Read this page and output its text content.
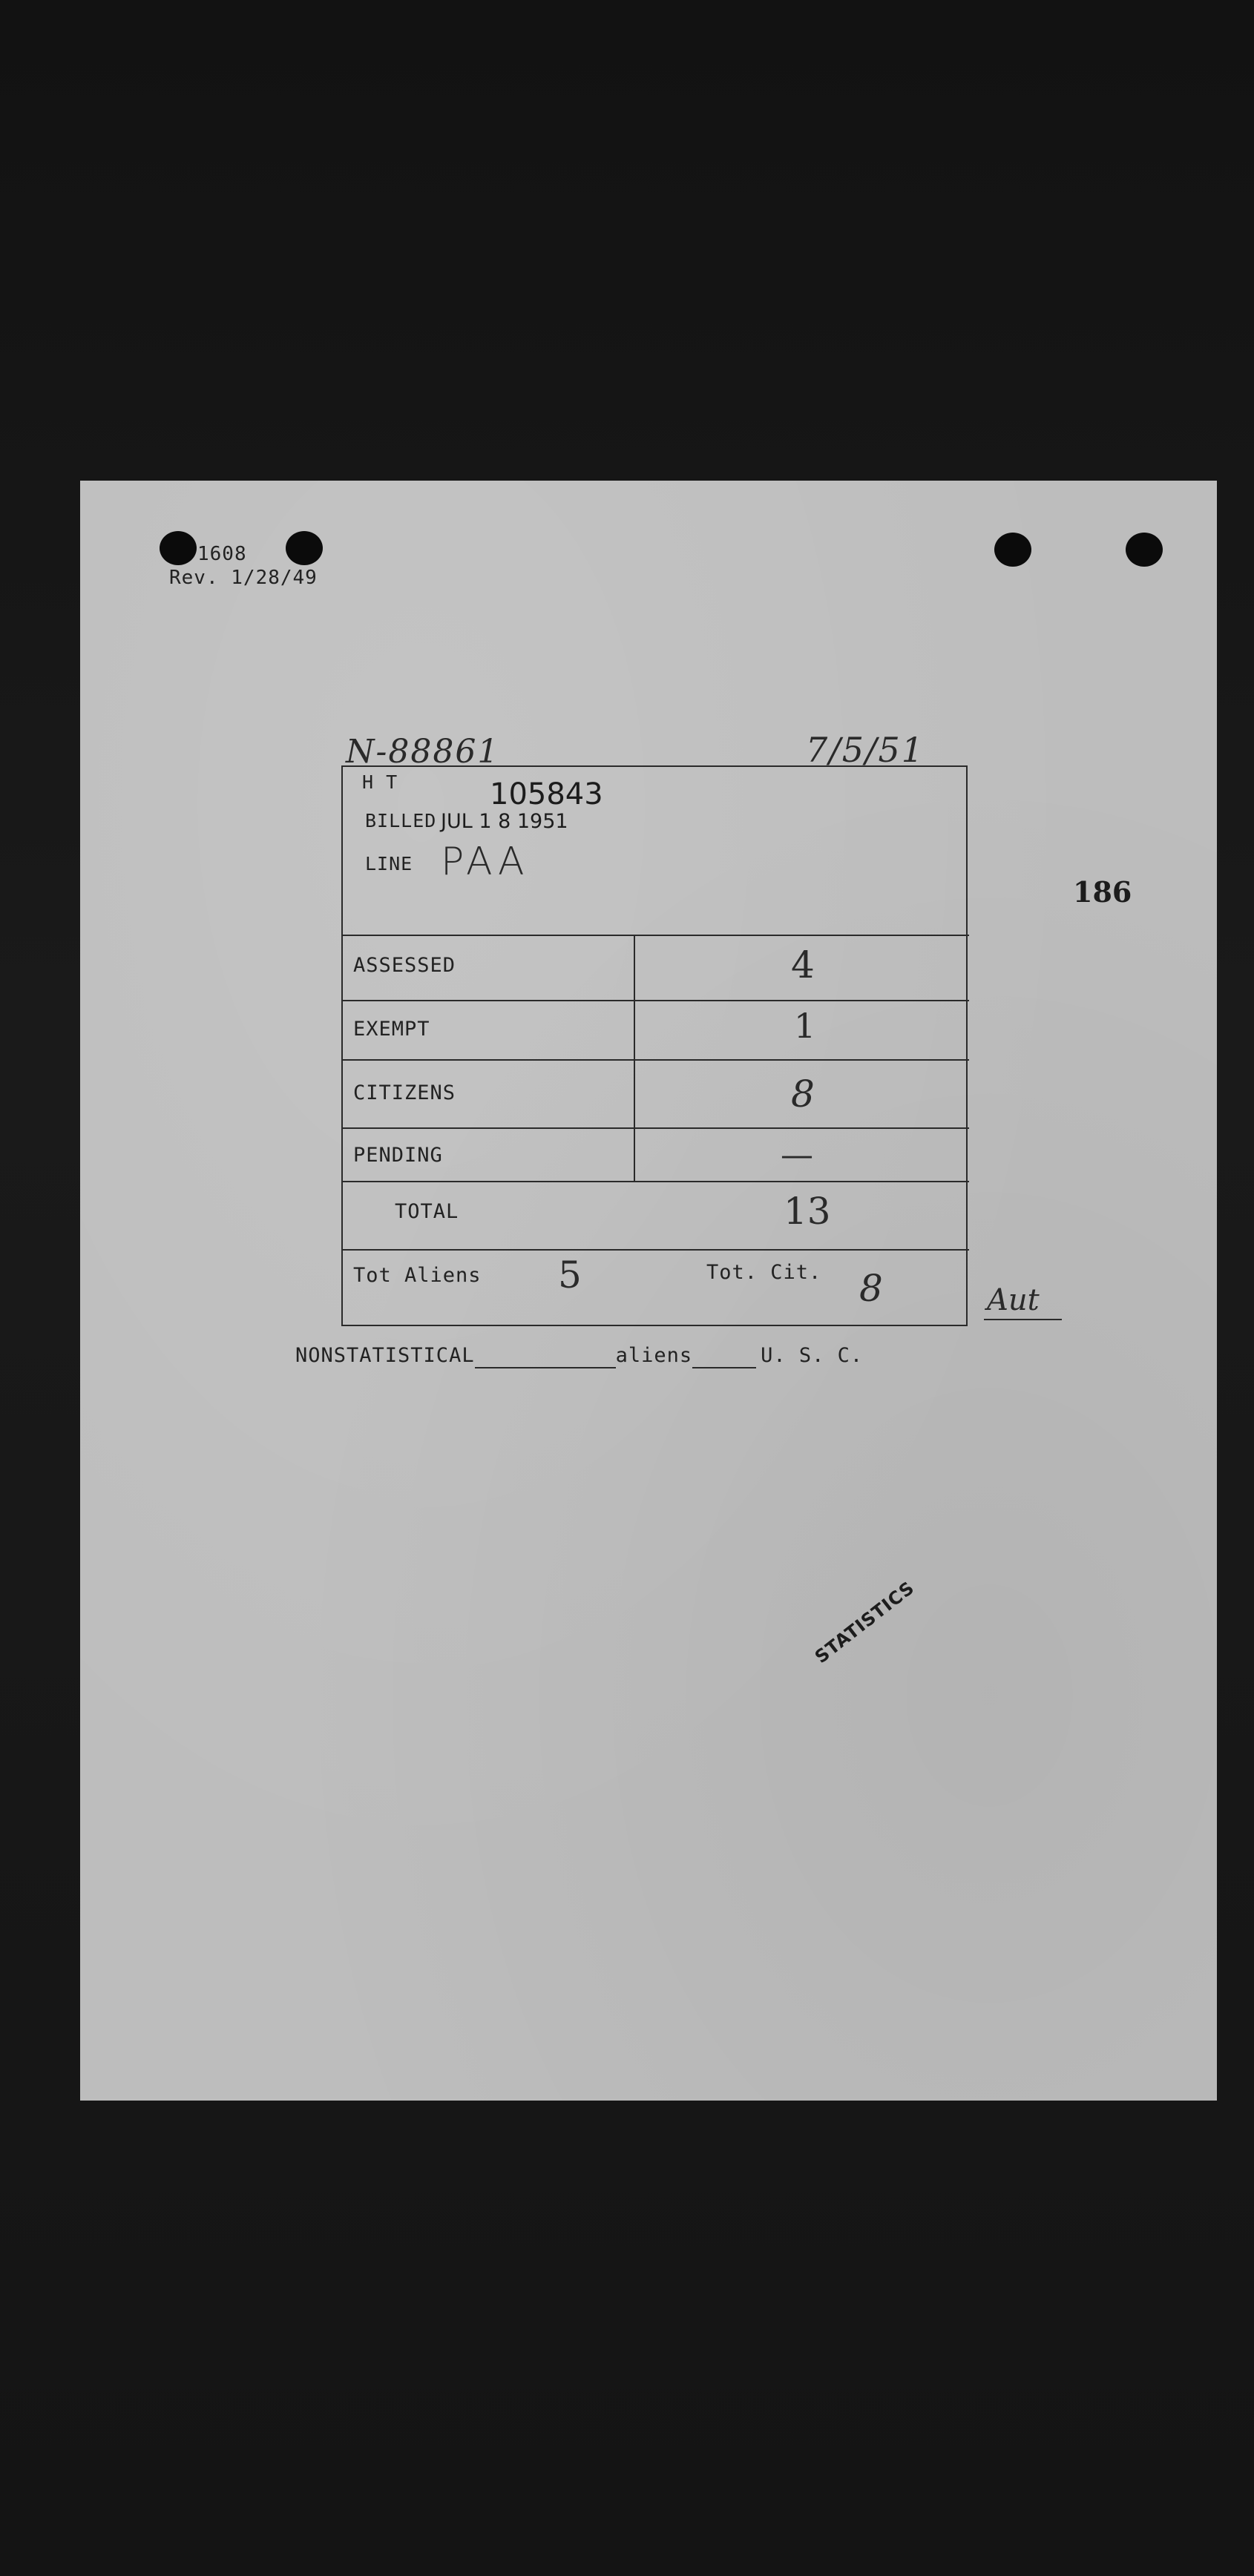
1608
Rev. 1/28/49
N-88861	7/5/51
186
H T	105843
BILLED JUL 1 8 1951
LINE PAA
ASSESSED	4
EXEMPT	1
CITIZENS	8
PENDING	—
TOTAL	13
Tot Aliens 5	Tot. Cit. 8	Aut
NONSTATISTICAL	aliens	U. S. C.
STATISTICS
